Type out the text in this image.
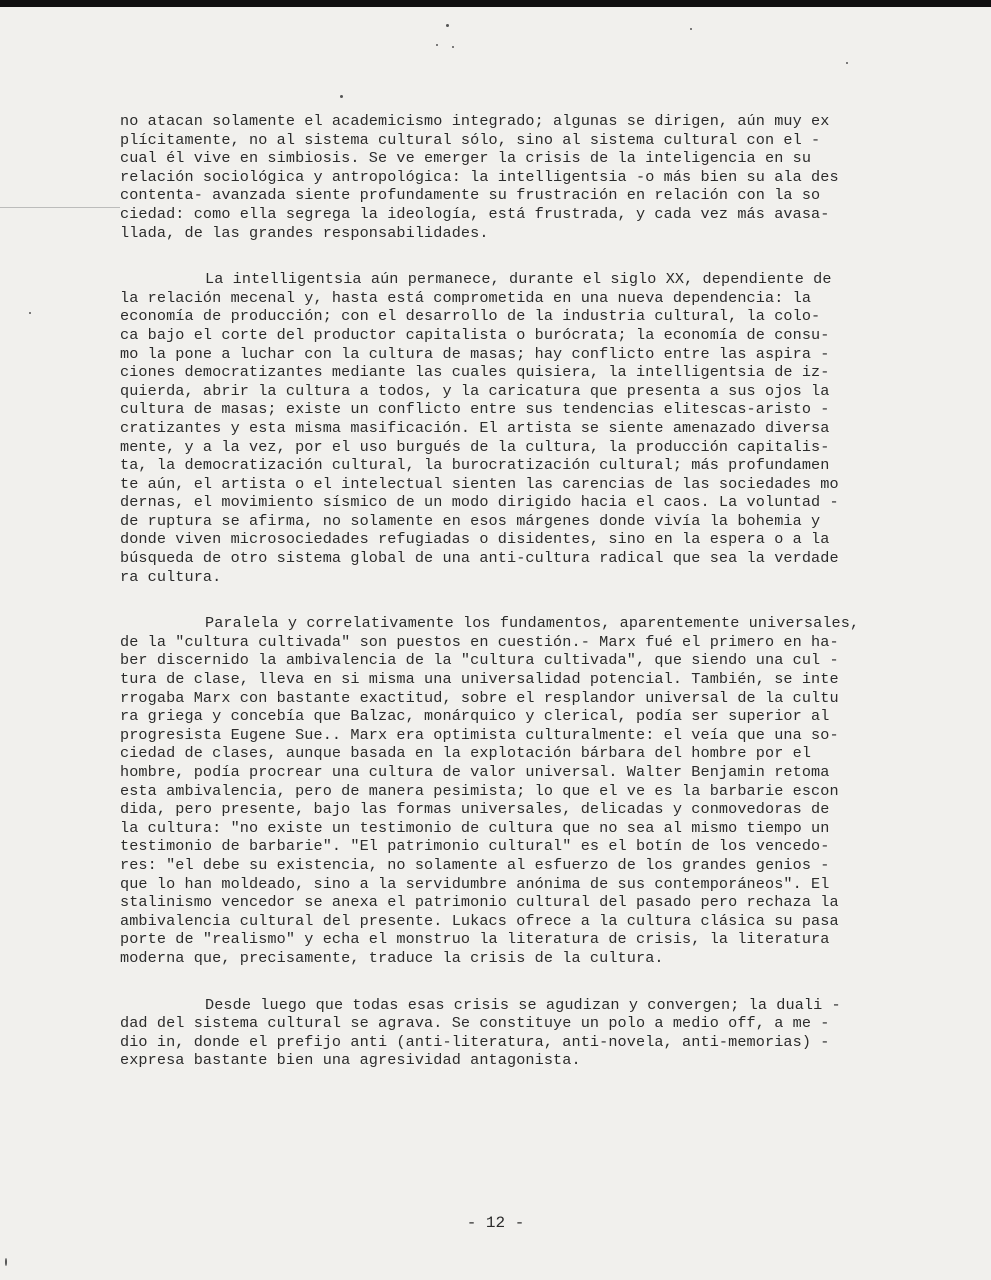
no atacan solamente el academicismo integrado; algunas se dirigen, aún muy ex
plícitamente, no al sistema cultural sólo, sino al sistema cultural con el -
cual él vive en simbiosis. Se ve emerger la crisis de la inteligencia en su
relación sociológica y antropológica: la intelligentsia -o más bien su ala des
contenta- avanzada siente profundamente su frustración en relación con la so
ciedad: como ella segrega la ideología, está frustrada, y cada vez más avasa-
llada, de las grandes responsabilidades.

La intelligentsia aún permanece, durante el siglo XX, dependiente de
la relación mecenal y, hasta está comprometida en una nueva dependencia: la
economía de producción; con el desarrollo de la industria cultural, la colo-
ca bajo el corte del productor capitalista o burócrata; la economía de consu-
mo la pone a luchar con la cultura de masas; hay conflicto entre las aspira -
ciones democratizantes mediante las cuales quisiera, la intelligentsia de iz-
quierda, abrir la cultura a todos, y la caricatura que presenta a sus ojos la
cultura de masas; existe un conflicto entre sus tendencias elitescas-aristo -
cratizantes y esta misma masificación. El artista se siente amenazado diversa
mente, y a la vez, por el uso burgués de la cultura, la producción capitalis-
ta, la democratización cultural, la burocratización cultural; más profundamen
te aún, el artista o el intelectual sienten las carencias de las sociedades mo
dernas, el movimiento sísmico de un modo dirigido hacia el caos. La voluntad -
de ruptura se afirma, no solamente en esos márgenes donde vivía la bohemia y
donde viven microsociedades refugiadas o disidentes, sino en la espera o a la
búsqueda de otro sistema global de una anti-cultura radical que sea la verdade
ra cultura.

Paralela y correlativamente los fundamentos, aparentemente universales,
de la "cultura cultivada" son puestos en cuestión.- Marx fué el primero en ha-
ber discernido la ambivalencia de la "cultura cultivada", que siendo una cul -
tura de clase, lleva en si misma una universalidad potencial. También, se inte
rrogaba Marx con bastante exactitud, sobre el resplandor universal de la cultu
ra griega y concebía que Balzac, monárquico y clerical, podía ser superior al
progresista Eugene Sue.. Marx era optimista culturalmente: el veía que una so-
ciedad de clases, aunque basada en la explotación bárbara del hombre por el
hombre, podía procrear una cultura de valor universal. Walter Benjamin retoma
esta ambivalencia, pero de manera pesimista; lo que el ve es la barbarie escon
dida, pero presente, bajo las formas universales, delicadas y conmovedoras de
la cultura: "no existe un testimonio de cultura que no sea al mismo tiempo un
testimonio de barbarie". "El patrimonio cultural" es el botín de los vencedo-
res: "el debe su existencia, no solamente al esfuerzo de los grandes genios -
que lo han moldeado, sino a la servidumbre anónima de sus contemporáneos". El
stalinismo vencedor se anexa el patrimonio cultural del pasado pero rechaza la
ambivalencia cultural del presente. Lukacs ofrece a la cultura clásica su pasa
porte de "realismo" y echa el monstruo la literatura de crisis, la literatura
moderna que, precisamente, traduce la crisis de la cultura.

Desde luego que todas esas crisis se agudizan y convergen; la duali -
dad del sistema cultural se agrava. Se constituye un polo a medio off, a me -
dio in, donde el prefijo anti (anti-literatura, anti-novela, anti-memorias) -
expresa bastante bien una agresividad antagonista.

- 12 -
